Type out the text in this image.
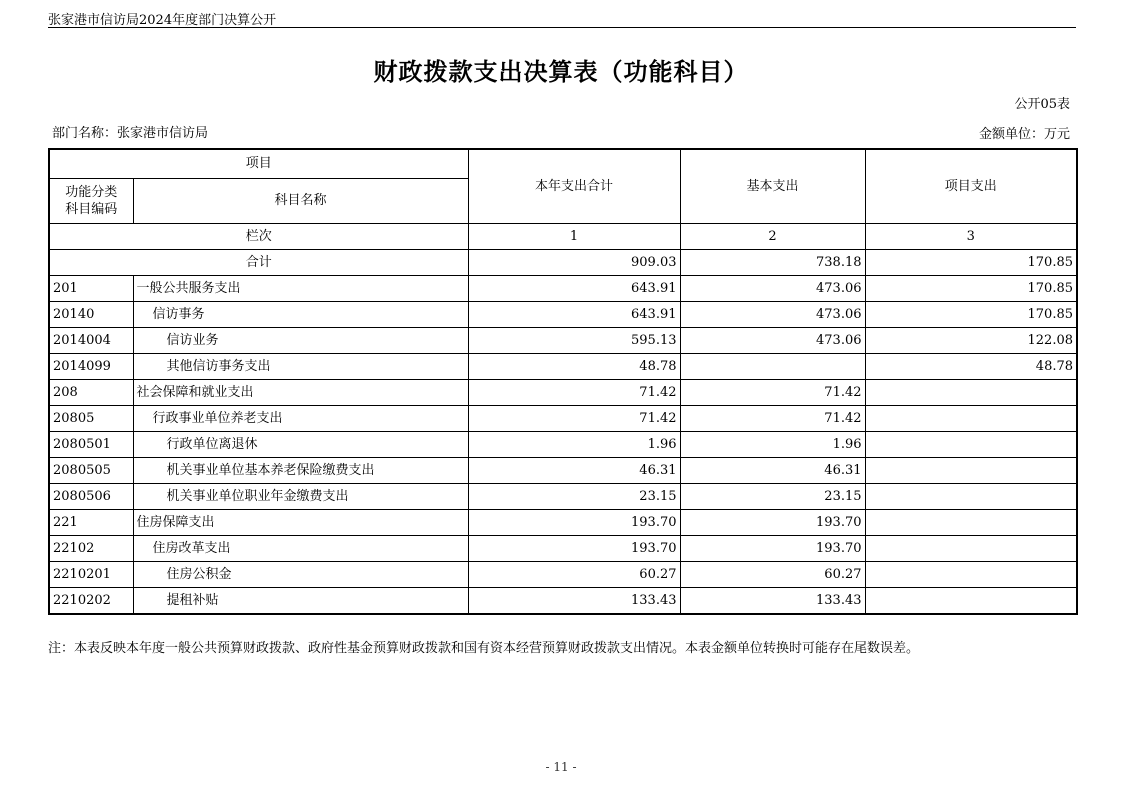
张家港市信访局2024年度部门决算公开
财政拨款支出决算表（功能科目）
公开05表
部门名称：张家港市信访局	金额单位：万元
项目		本年支出合计	基本支出	项目支出
功能分类
科目编码	科目名称			
栏次		1	2	3
合计		909.03	738.18	170.85
201	一般公共服务支出	643.91	473.06	170.85
20140	信访事务	643.91	473.06	170.85
2014004	信访业务	595.13	473.06	122.08
2014099	其他信访事务支出	48.78		48.78
208	社会保障和就业支出	71.42	71.42	
20805	行政事业单位养老支出	71.42	71.42	
2080501	行政单位离退休	1.96	1.96	
2080505	机关事业单位基本养老保险缴费支出	46.31	46.31	
2080506	机关事业单位职业年金缴费支出	23.15	23.15	
221	住房保障支出	193.70	193.70	
22102	住房改革支出	193.70	193.70	
2210201	住房公积金	60.27	60.27	
2210202	提租补贴	133.43	133.43	
注：本表反映本年度一般公共预算财政拨款、政府性基金预算财政拨款和国有资本经营预算财政拨款支出情况。本表金额单位转换时可能存在尾数误差。
- 11 -
